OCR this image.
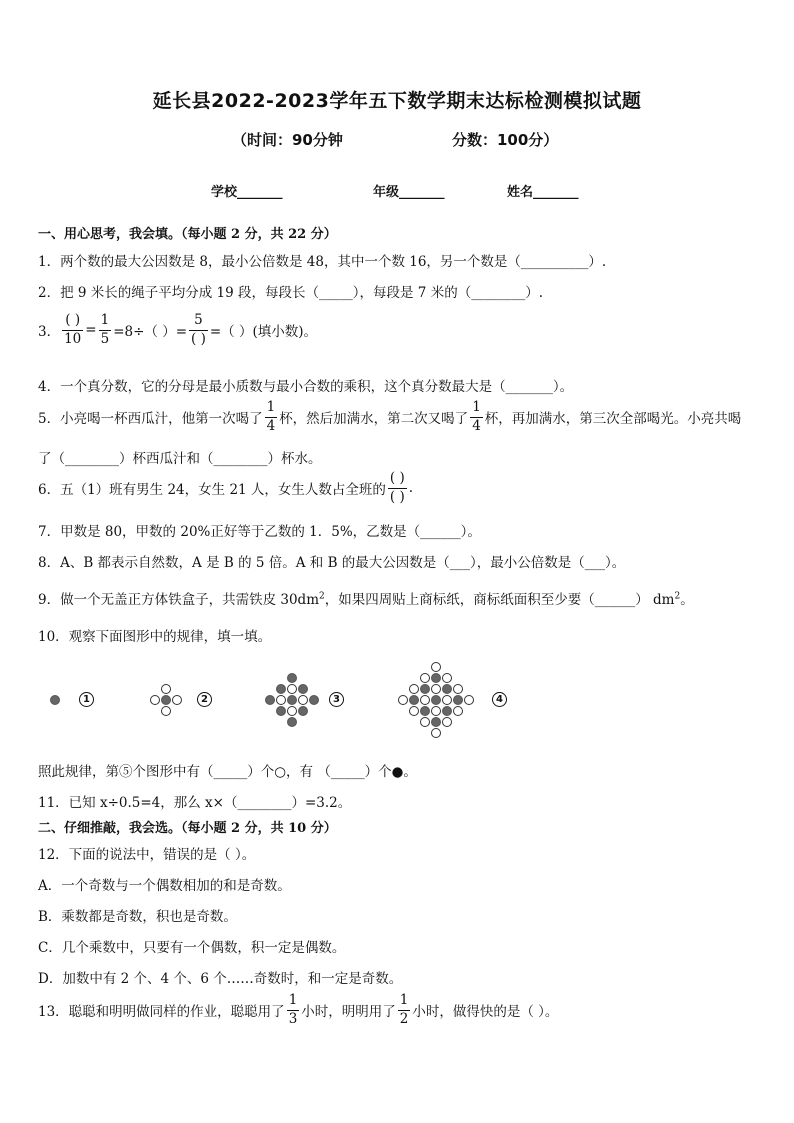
延长县2022-2023学年五下数学期末达标检测模拟试题
（时间：90分钟	分数：100分）
学校_______	年级_______	姓名_______
一、用心思考，我会填。（每小题 2 分，共 22 分）
1．两个数的最大公因数是 8，最小公倍数是 48，其中一个数 16，另一个数是（__________）.
2．把 9 米长的绳子平均分成 19 段，每段长（_____），每段是 7 米的（________）.
3． $\frac{( )}{10} = \frac{1}{5} =8\div$（ ）= $\frac{5}{( )}$ =（ ）(填小数)。
4．一个真分数，它的分母是最小质数与最小合数的乘积，这个真分数最大是（_______）。
5．小亮喝一杯西瓜汁，他第一次喝了 $\frac{1}{4}$ 杯，然后加满水，第二次又喝了 $\frac{1}{4}$ 杯，再加满水，第三次全部喝光。小亮共喝
了（________）杯西瓜汁和（________）杯水。
6．五（1）班有男生 24，女生 21 人，女生人数占全班的 $\frac{( )}{( )}$ .
7．甲数是 80，甲数的 20%正好等于乙数的 1．5%，乙数是（______）。
8．A、B 都表示自然数，A 是 B 的 5 倍。A 和 B 的最大公因数是（___），最小公倍数是（___）。
9．做一个无盖正方体铁盒子，共需铁皮 $30dm^2$，如果四周贴上商标纸，商标纸面积至少要（______） $dm^2$。
10．观察下面图形中的规律，填一填。
1	2	3	4
照此规律，第⑤个图形中有（_____）个○，有 （_____）个●。
11．已知 x÷0.5=4，那么 x×（________）=3.2。
二、仔细推敲，我会选。（每小题 2 分，共 10 分）
12．下面的说法中，错误的是（ ）。
A．一个奇数与一个偶数相加的和是奇数。
B．乘数都是奇数，积也是奇数。
C．几个乘数中，只要有一个偶数，积一定是偶数。
D．加数中有 2 个、4 个、6 个……奇数时，和一定是奇数。
13．聪聪和明明做同样的作业，聪聪用了 $\frac{1}{3}$ 小时，明明用了 $\frac{1}{2}$ 小时，做得快的是（ ）。
